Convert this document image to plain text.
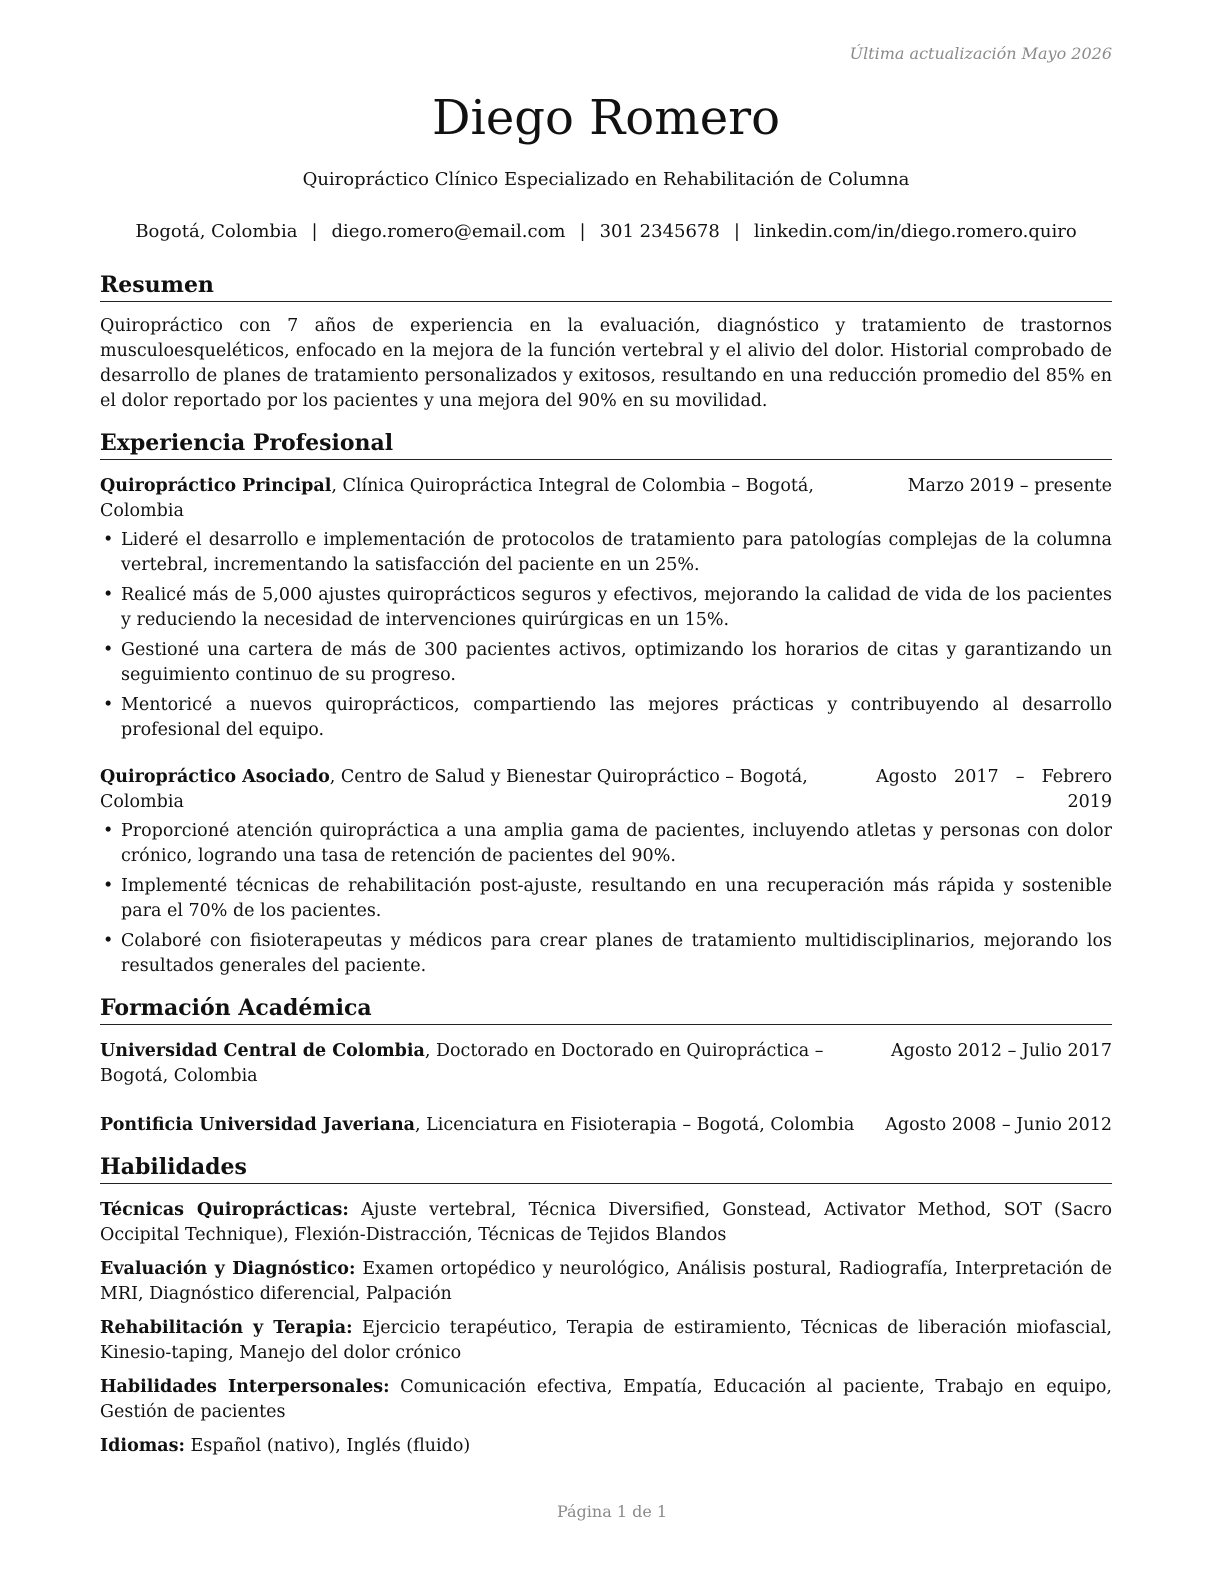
Última actualización Mayo 2026
Diego Romero
Quiropráctico Clínico Especializado en Rehabilitación de Columna
Bogotá, Colombia | diego.romero@email.com | 301 2345678 | linkedin.com/in/diego.romero.quiro
Resumen

Quiropráctico con 7 años de experiencia en la evaluación, diagnóstico y tratamiento de trastornos musculoesqueléticos, enfocado en la mejora de la función vertebral y el alivio del dolor. Historial comprobado de desarrollo de planes de tratamiento personalizados y exitosos, resultando en una reducción promedio del 85% en el dolor reportado por los pacientes y una mejora del 90% en su movilidad.

Experiencia Profesional
Quiropráctico Principal, Clínica Quiropráctica Integral de Colombia – Bogotá, Colombia
Marzo 2019 – presente
• Lideré el desarrollo e implementación de protocolos de tratamiento para patologías complejas de la columna vertebral, incrementando la satisfacción del paciente en un 25%.
• Realicé más de 5,000 ajustes quiroprácticos seguros y efectivos, mejorando la calidad de vida de los pacientes y reduciendo la necesidad de intervenciones quirúrgicas en un 15%.
• Gestioné una cartera de más de 300 pacientes activos, optimizando los horarios de citas y garantizando un seguimiento continuo de su progreso.
• Mentoricé a nuevos quiroprácticos, compartiendo las mejores prácticas y contribuyendo al desarrollo profesional del equipo.
Quiropráctico Asociado, Centro de Salud y Bienestar Quiropráctico – Bogotá, Colombia
Agosto 2017 – Febrero
2019
• Proporcioné atención quiropráctica a una amplia gama de pacientes, incluyendo atletas y personas con dolor crónico, logrando una tasa de retención de pacientes del 90%.
• Implementé técnicas de rehabilitación post-ajuste, resultando en una recuperación más rápida y sostenible para el 70% de los pacientes.
• Colaboré con fisioterapeutas y médicos para crear planes de tratamiento multidisciplinarios, mejorando los resultados generales del paciente.
Formación Académica
Universidad Central de Colombia, Doctorado en Doctorado en Quiropráctica – Bogotá, Colombia
Agosto 2012 – Julio 2017
Pontificia Universidad Javeriana, Licenciatura en Fisioterapia – Bogotá, Colombia	Agosto 2008 – Junio 2012
Habilidades
Técnicas Quiroprácticas: Ajuste vertebral, Técnica Diversified, Gonstead, Activator Method, SOT (Sacro Occipital Technique), Flexión-Distracción, Técnicas de Tejidos Blandos
Evaluación y Diagnóstico: Examen ortopédico y neurológico, Análisis postural, Radiografía, Interpretación de MRI, Diagnóstico diferencial, Palpación
Rehabilitación y Terapia: Ejercicio terapéutico, Terapia de estiramiento, Técnicas de liberación miofascial, Kinesio-taping, Manejo del dolor crónico
Habilidades Interpersonales: Comunicación efectiva, Empatía, Educación al paciente, Trabajo en equipo, Gestión de pacientes
Idiomas: Español (nativo), Inglés (fluido)
Página 1 de 1
